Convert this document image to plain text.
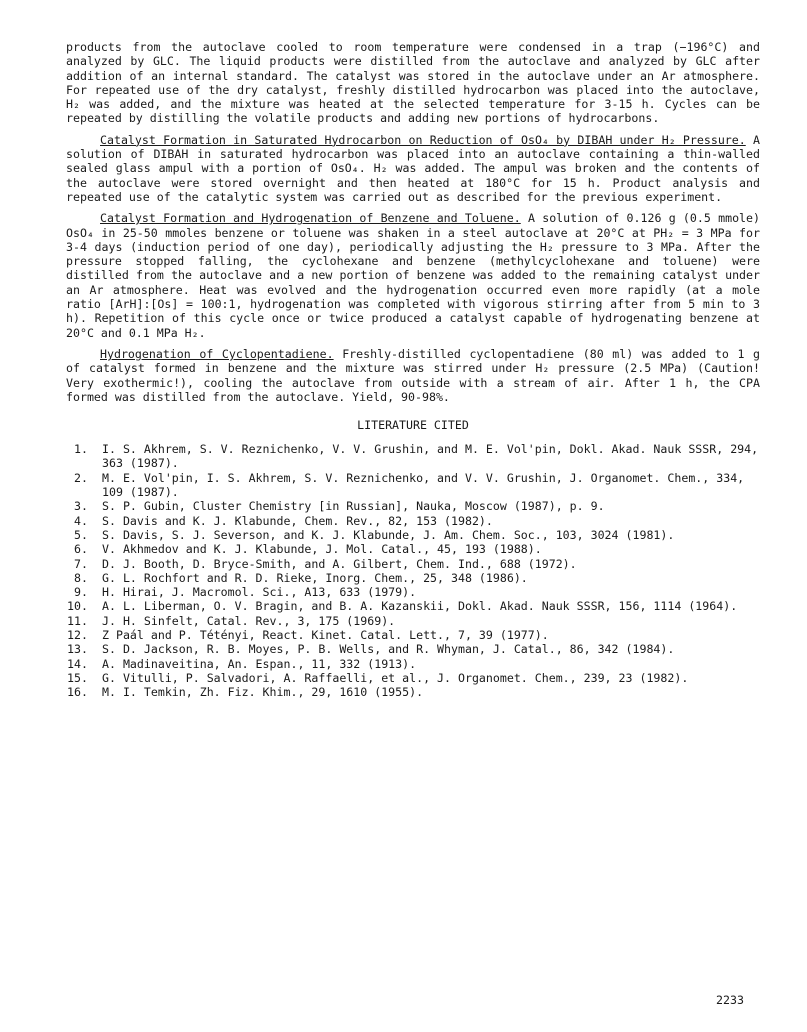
products from the autoclave cooled to room temperature were condensed in a trap (−196°C) and analyzed by GLC. The liquid products were distilled from the autoclave and analyzed by GLC after addition of an internal standard. The catalyst was stored in the autoclave under an Ar atmosphere. For repeated use of the dry catalyst, freshly distilled hydrocarbon was placed into the autoclave, H₂ was added, and the mixture was heated at the selected temperature for 3-15 h. Cycles can be repeated by distilling the volatile products and adding new portions of hydrocarbons.

Catalyst Formation in Saturated Hydrocarbon on Reduction of OsO₄ by DIBAH under H₂ Pressure. A solution of DIBAH in saturated hydrocarbon was placed into an autoclave containing a thin-walled sealed glass ampul with a portion of OsO₄. H₂ was added. The ampul was broken and the contents of the autoclave were stored overnight and then heated at 180°C for 15 h. Product analysis and repeated use of the catalytic system was carried out as described for the previous experiment.

Catalyst Formation and Hydrogenation of Benzene and Toluene. A solution of 0.126 g (0.5 mmole) OsO₄ in 25-50 mmoles benzene or toluene was shaken in a steel autoclave at 20°C at PH₂ = 3 MPa for 3-4 days (induction period of one day), periodically adjusting the H₂ pressure to 3 MPa. After the pressure stopped falling, the cyclohexane and benzene (methylcyclohexane and toluene) were distilled from the autoclave and a new portion of benzene was added to the remaining catalyst under an Ar atmosphere. Heat was evolved and the hydrogenation occurred even more rapidly (at a mole ratio [ArH]:[Os] = 100:1, hydrogenation was completed with vigorous stirring after from 5 min to 3 h). Repetition of this cycle once or twice produced a catalyst capable of hydrogenating benzene at 20°C and 0.1 MPa H₂.

Hydrogenation of Cyclopentadiene. Freshly-distilled cyclopentadiene (80 ml) was added to 1 g of catalyst formed in benzene and the mixture was stirred under H₂ pressure (2.5 MPa) (Caution! Very exothermic!), cooling the autoclave from outside with a stream of air. After 1 h, the CPA formed was distilled from the autoclave. Yield, 90-98%.

LITERATURE CITED
1. I. S. Akhrem, S. V. Reznichenko, V. V. Grushin, and M. E. Vol'pin, Dokl. Akad. Nauk SSSR, 294, 363 (1987).
2. M. E. Vol'pin, I. S. Akhrem, S. V. Reznichenko, and V. V. Grushin, J. Organomet. Chem., 334, 109 (1987).
3. S. P. Gubin, Cluster Chemistry [in Russian], Nauka, Moscow (1987), p. 9.
4. S. Davis and K. J. Klabunde, Chem. Rev., 82, 153 (1982).
5. S. Davis, S. J. Severson, and K. J. Klabunde, J. Am. Chem. Soc., 103, 3024 (1981).
6. V. Akhmedov and K. J. Klabunde, J. Mol. Catal., 45, 193 (1988).
7. D. J. Booth, D. Bryce-Smith, and A. Gilbert, Chem. Ind., 688 (1972).
8. G. L. Rochfort and R. D. Rieke, Inorg. Chem., 25, 348 (1986).
9. H. Hirai, J. Macromol. Sci., A13, 633 (1979).
10. A. L. Liberman, O. V. Bragin, and B. A. Kazanskii, Dokl. Akad. Nauk SSSR, 156, 1114 (1964).
11. J. H. Sinfelt, Catal. Rev., 3, 175 (1969).
12. Z Paál and P. Tétényi, React. Kinet. Catal. Lett., 7, 39 (1977).
13. S. D. Jackson, R. B. Moyes, P. B. Wells, and R. Whyman, J. Catal., 86, 342 (1984).
14. A. Madinaveitina, An. Espan., 11, 332 (1913).
15. G. Vitulli, P. Salvadori, A. Raffaelli, et al., J. Organomet. Chem., 239, 23 (1982).
16. M. I. Temkin, Zh. Fiz. Khim., 29, 1610 (1955).
2233
